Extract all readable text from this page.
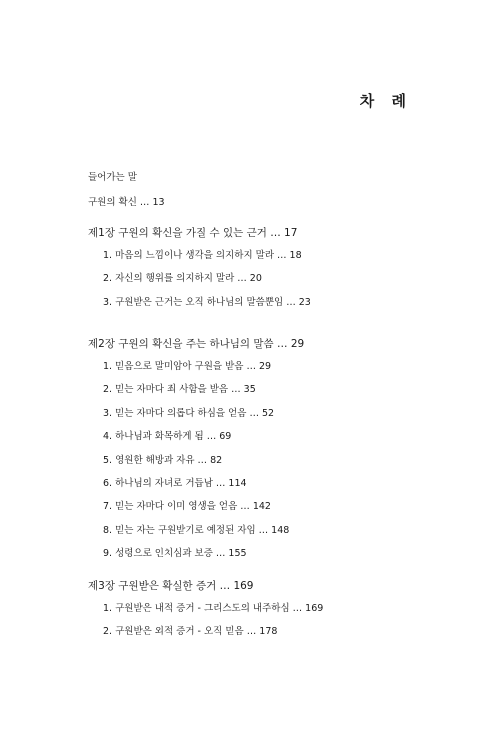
차 례
들어가는 말
구원의 확신 … 13
제1장 구원의 확신을 가질 수 있는 근거 … 17
1. 마음의 느낌이나 생각을 의지하지 말라 … 18
2. 자신의 행위를 의지하지 말라 … 20
3. 구원받은 근거는 오직 하나님의 말씀뿐임 … 23
제2장 구원의 확신을 주는 하나님의 말씀 … 29
1. 믿음으로 말미암아 구원을 받음 … 29
2. 믿는 자마다 죄 사함을 받음 … 35
3. 믿는 자마다 의롭다 하심을 얻음 … 52
4. 하나님과 화목하게 됨 … 69
5. 영원한 해방과 자유 … 82
6. 하나님의 자녀로 거듭남 … 114
7. 믿는 자마다 이미 영생을 얻음 … 142
8. 믿는 자는 구원받기로 예정된 자임 … 148
9. 성령으로 인치심과 보증 … 155
제3장 구원받은 확실한 증거 … 169
1. 구원받은 내적 증거 - 그리스도의 내주하심 … 169
2. 구원받은 외적 증거 - 오직 믿음 … 178
